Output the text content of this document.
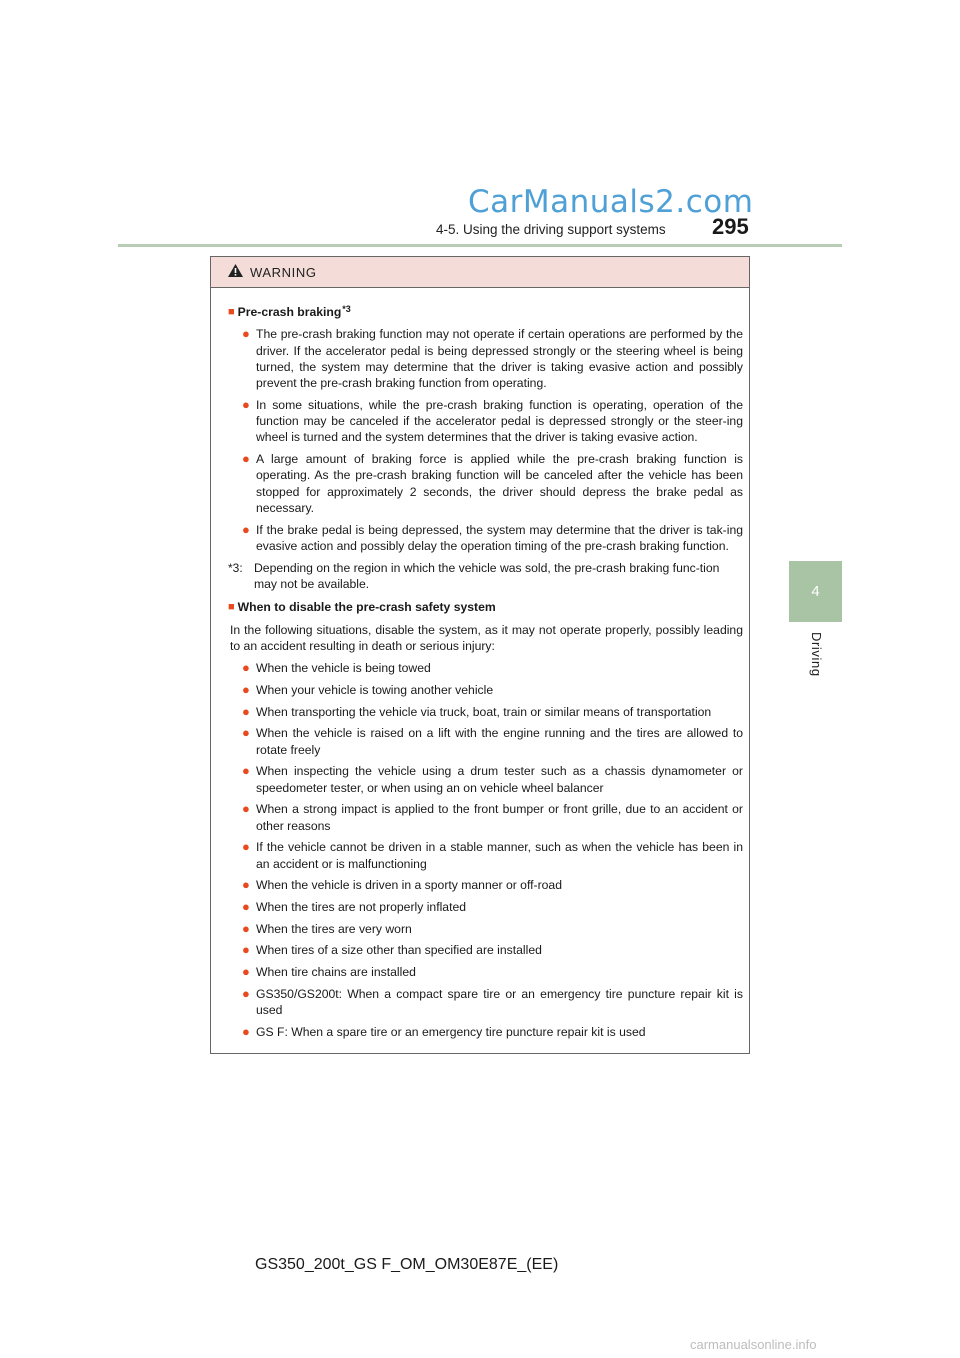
CarManuals2.com
4-5. Using the driving support systems 295
4
Driving
WARNING
■ Pre-crash braking *3
● The pre-crash braking function may not operate if certain operations are performed by the driver. If the accelerator pedal is being depressed strongly or the steering wheel is being turned, the system may determine that the driver is taking evasive action and possibly prevent the pre-crash braking function from operating.
● In some situations, while the pre-crash braking function is operating, operation of the function may be canceled if the accelerator pedal is depressed strongly or the steer-ing wheel is turned and the system determines that the driver is taking evasive action.
● A large amount of braking force is applied while the pre-crash braking function is operating. As the pre-crash braking function will be canceled after the vehicle has been stopped for approximately 2 seconds, the driver should depress the brake pedal as necessary.
● If the brake pedal is being depressed, the system may determine that the driver is tak-ing evasive action and possibly delay the operation timing of the pre-crash braking function.
*3: Depending on the region in which the vehicle was sold, the pre-crash braking func-tion may not be available.
■ When to disable the pre-crash safety system
In the following situations, disable the system, as it may not operate properly, possibly leading to an accident resulting in death or serious injury:
● When the vehicle is being towed
● When your vehicle is towing another vehicle
● When transporting the vehicle via truck, boat, train or similar means of transportation
● When the vehicle is raised on a lift with the engine running and the tires are allowed to rotate freely
● When inspecting the vehicle using a drum tester such as a chassis dynamometer or speedometer tester, or when using an on vehicle wheel balancer
● When a strong impact is applied to the front bumper or front grille, due to an accident or other reasons
● If the vehicle cannot be driven in a stable manner, such as when the vehicle has been in an accident or is malfunctioning
● When the vehicle is driven in a sporty manner or off-road
● When the tires are not properly inflated
● When the tires are very worn
● When tires of a size other than specified are installed
● When tire chains are installed
● GS350/GS200t: When a compact spare tire or an emergency tire puncture repair kit is used
● GS F: When a spare tire or an emergency tire puncture repair kit is used
GS350_200t_GS F_OM_OM30E87E_(EE)
carmanualsonline.info
